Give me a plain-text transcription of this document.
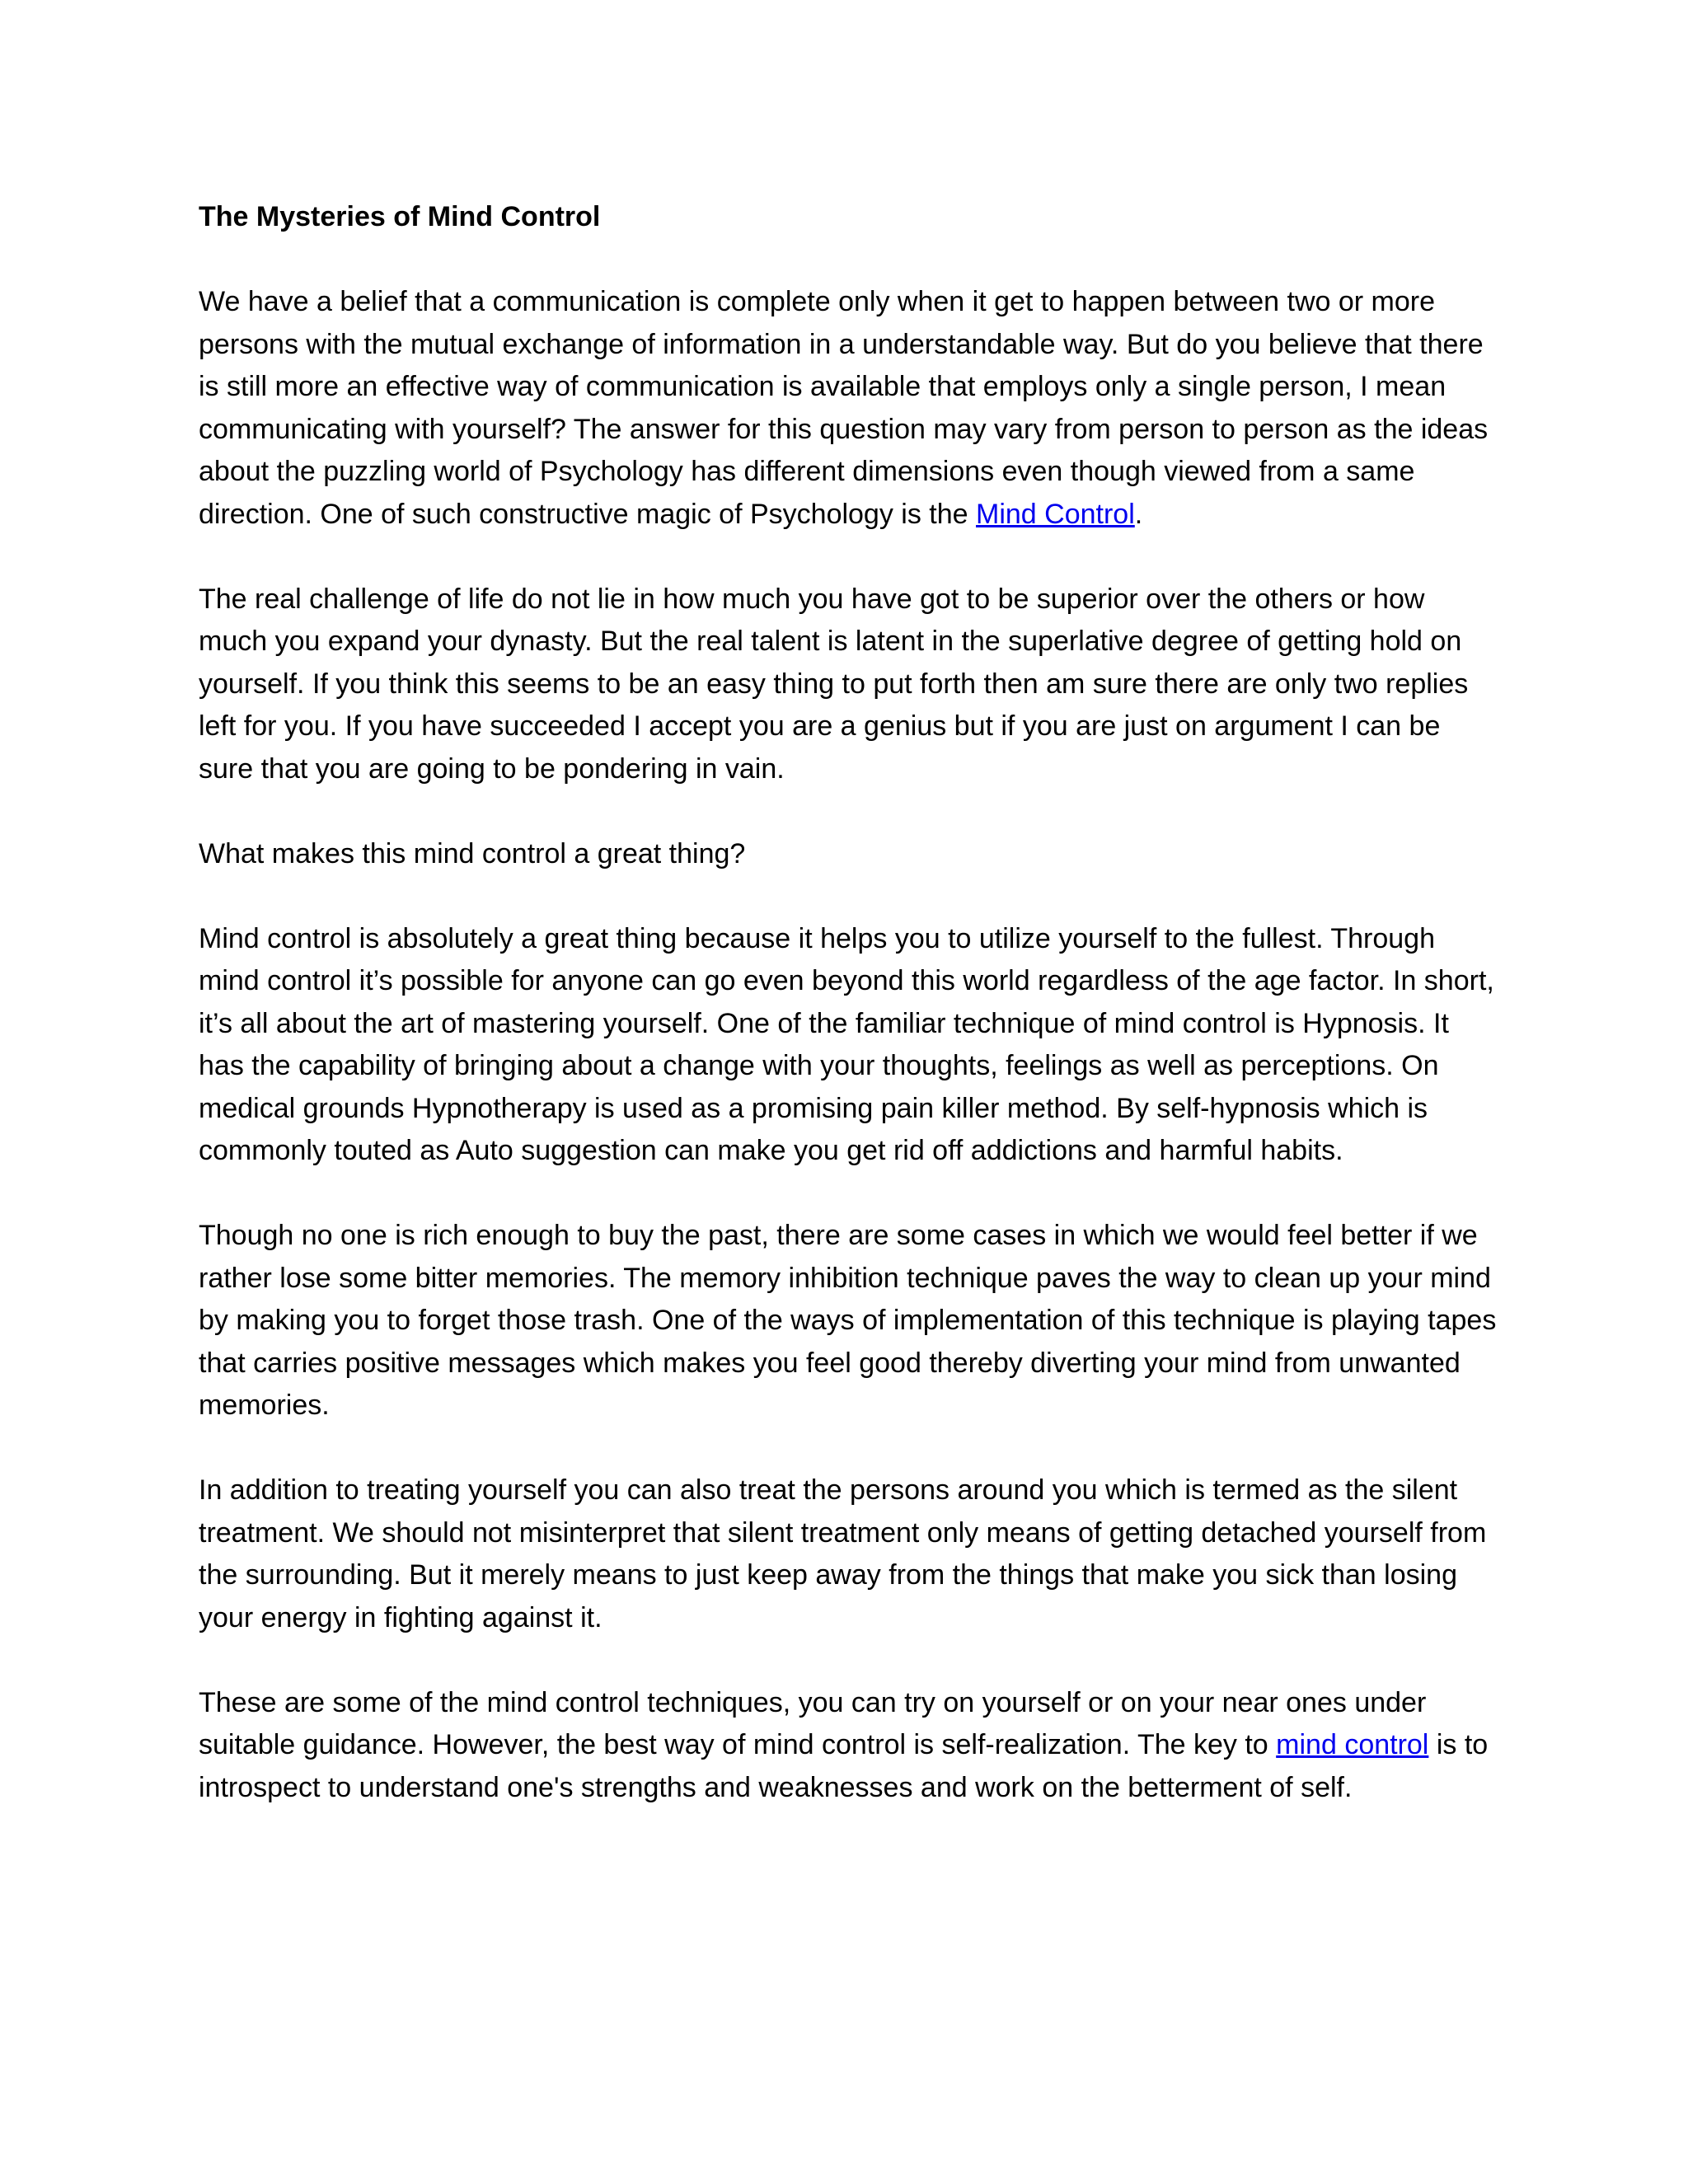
The Mysteries of Mind Control
We have a belief that a communication is complete only when it get to happen between two or more persons with the mutual exchange of information in a understandable way. But do you believe that there is still more an effective way of communication is available that employs only a single person, I mean communicating with yourself? The answer for this question may vary from person to person as the ideas about the puzzling world of Psychology has different dimensions even though viewed from a same direction. One of such constructive magic of Psychology is the Mind Control.
The real challenge of life do not lie in how much you have got to be superior over the others or how much you expand your dynasty. But the real talent is latent in the superlative degree of getting hold on yourself. If you think this seems to be an easy thing to put forth then am sure there are only two replies left for you. If you have succeeded I accept you are a genius but if you are just on argument I can be sure that you are going to be pondering in vain.
What makes this mind control a great thing?
Mind control is absolutely a great thing because it helps you to utilize yourself to the fullest. Through mind control it’s possible for anyone can go even beyond this world regardless of the age factor. In short, it’s all about the art of mastering yourself. One of the familiar technique of mind control is Hypnosis. It has the capability of bringing about a change with your thoughts, feelings as well as perceptions. On medical grounds Hypnotherapy is used as a promising pain killer method. By self-hypnosis which is commonly touted as Auto suggestion can make you get rid off addictions and harmful habits.
Though no one is rich enough to buy the past, there are some cases in which we would feel better if we rather lose some bitter memories. The memory inhibition technique paves the way to clean up your mind by making you to forget those trash. One of the ways of implementation of this technique is playing tapes that carries positive messages which makes you feel good thereby diverting your mind from unwanted memories.
In addition to treating yourself you can also treat the persons around you which is termed as the silent treatment. We should not misinterpret that silent treatment only means of getting detached yourself from the surrounding. But it merely means to just keep away from the things that make you sick than losing your energy in fighting against it.
These are some of the mind control techniques, you can try on yourself or on your near ones under suitable guidance. However, the best way of mind control is self-realization. The key to mind control is to introspect to understand one's strengths and weaknesses and work on the betterment of self.
